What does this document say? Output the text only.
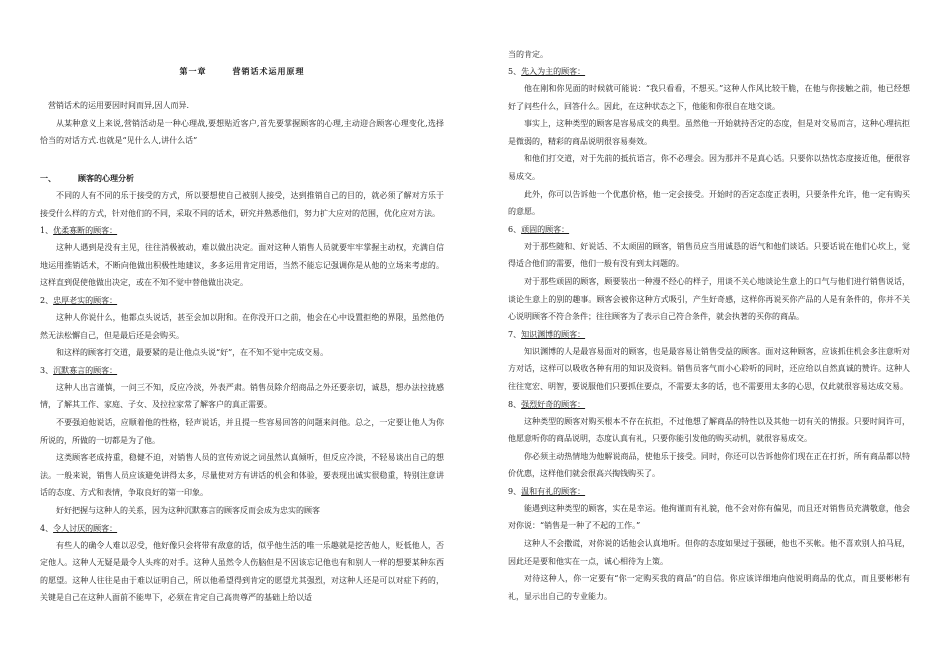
第一章	营销话术运用原理

营销话术的运用要因时间而异,因人而异.

从某种意义上来说,营销活动是一种心理战,要想贴近客户,首先要掌握顾客的心理,主动迎合顾客心理变化,选择恰当的对话方式.也就是“见什么人,讲什么话”

一、	顾客的心理分析

不同的人有不同的乐于接受的方式，所以要想使自己被别人接受，达到推销自己的目的，就必须了解对方乐于接受什么样的方式，针对他们的不同，采取不同的话术，研究并熟悉他们，努力扩大应对的范围，优化应对方法。

1、优柔寡断的顾客：

这种人遇到是没有主见，往往消极被动，难以做出决定。面对这种人销售人员就要牢牢掌握主动权，充满自信地运用推销话术，不断向他做出积极性地建议，多多运用肯定用语，当然不能忘记强调你是从他的立场来考虑的。这样直到促使他做出决定，或在不知不觉中替他做出决定。

2、忠厚老实的顾客：

这种人你说什么，他都点头说话，甚至会加以附和。在你没开口之前，他会在心中设置拒绝的界限，虽然他仍然无法松懈自己，但是最后还是会购买。

和这样的顾客打交道，最要紧的是让他点头说“好”，在不知不觉中完成交易。

3、沉默寡言的顾客：

这种人出言谨慎，一问三不知，反应冷淡，外表严肃。销售员除介绍商品之外还要亲切，诚恳，想办法拉拢感情，了解其工作、家庭、子女、及拉拉家常了解客户的真正需要。

不要强迫他说话，应顺着他的性格，轻声说话，并且提一些容易回答的问题来问他。总之，一定要让他人为你所说的，所做的一切都是为了他。

这类顾客老成持重，稳健不迫，对销售人员的宣传劝说之词虽然认真倾听，但反应冷淡，不轻易谈出自己的想法。一般来说，销售人员应该避免讲得太多，尽量使对方有讲话的机会和体验，要表现出诚实很稳重，特别注意讲话的态度、方式和表情，争取良好的第一印象。

好好把握与这种人的关系，因为这种沉默寡言的顾客反而会成为忠实的顾客

4、令人讨厌的顾客：

有些人的确令人难以忍受，他好像只会将带有敌意的话，似乎他生活的唯一乐趣就是挖苦他人，贬低他人，否定他人。这种人无疑是最令人头疼的对手。这种人虽然令人伤脑但是不因该忘记他也有和别人一样的想要某种东西的愿望。这种人往往是由于难以证明自己，所以他希望得到肯定的愿望尤其强烈，对这种人还是可以对症下药的，关键是自己在这种人面前不能卑下，必须在肯定自己高贵尊严的基础上给以适

当的肯定。

5、先入为主的顾客：

他在刚和你见面的时候就可能说：“我只看看，不想买。”这种人作风比较干脆，在他与你接触之前，他已经想好了问些什么，回答什么。因此，在这种状态之下，他能和你很自在地交谈。

事实上，这种类型的顾客是容易成交的典型。虽然他一开始就持否定的态度，但是对交易而言，这种心理抗拒是微弱的，精彩的商品说明很容易奏效。

和他们打交道，对于先前的抵抗语言，你不必理会。因为那并不是真心话。只要你以热忱态度接近他，便很容易成交。

此外，你可以告诉他一个优惠价格，他一定会接受。开始时的否定态度正表明，只要条件允许，他一定有购买的意愿。

6、顽固的顾客：

对于那些随和、好说话、不太顽固的顾客，销售员应当用诚恳的语气和他们谈话。只要话说在他们心坎上，觉得适合他们的需要，他们一般有没有到太问题的。

对于那些顽固的顾客，顾要装出一种漫不经心的样子，用谈不关心地谈论生意上的口气与他们进行销售说话，谈论生意上的别的趣事。顾客会被你这种方式吸引，产生好奇感，这样你再说买你产品的人是有条件的，你并不关心说明顾客不符合条件；往往顾客为了表示自己符合条件，就会执著的买你的商品。

7、知识渊博的顾客：

知识渊博的人是最容易面对的顾客，也是最容易让销售受益的顾客。面对这种顾客，应该抓住机会多注意听对方对话，这样可以吸收各种有用的知识及资料。销售员客气而小心聆听的同时，还应给以自然真诚的赞许。这种人往往宽宏、明智，要说服他们只要抓住要点，不需要太多的话，也不需要用太多的心思，仅此就很容易达成交易。

8、强烈好奇的顾客：

这种类型的顾客对购买根本不存在抗拒，不过他想了解商品的特性以及其他一切有关的情报。只要时间许可，他愿意听你的商品说明，态度认真有礼，只要你能引发他的购买动机，就很容易成交。

你必须主动热情地为他解说商品，使他乐于接受。同时，你还可以告诉他你们现在正在打折，所有商品都以特价优惠，这样他们就会很高兴掏钱购买了。

9、温和有礼的顾客：

能遇到这种类型的顾客，实在是幸运。他拘谨而有礼貌，他不会对你有偏见，而且还对销售员充满敬意，他会对你说：“销售是一种了不起的工作。”

这种人不会撒谎，对你说的话他会认真地听。但你的态度如果过于强硬，他也不买帐。他不喜欢别人拍马屁，因此还是要和他实在一点，诚心相待为上策。

对待这种人，你一定要有“你一定购买我的商品”的自信。你应该详细地向他说明商品的优点，而且要彬彬有礼，显示出自己的专业能力。
